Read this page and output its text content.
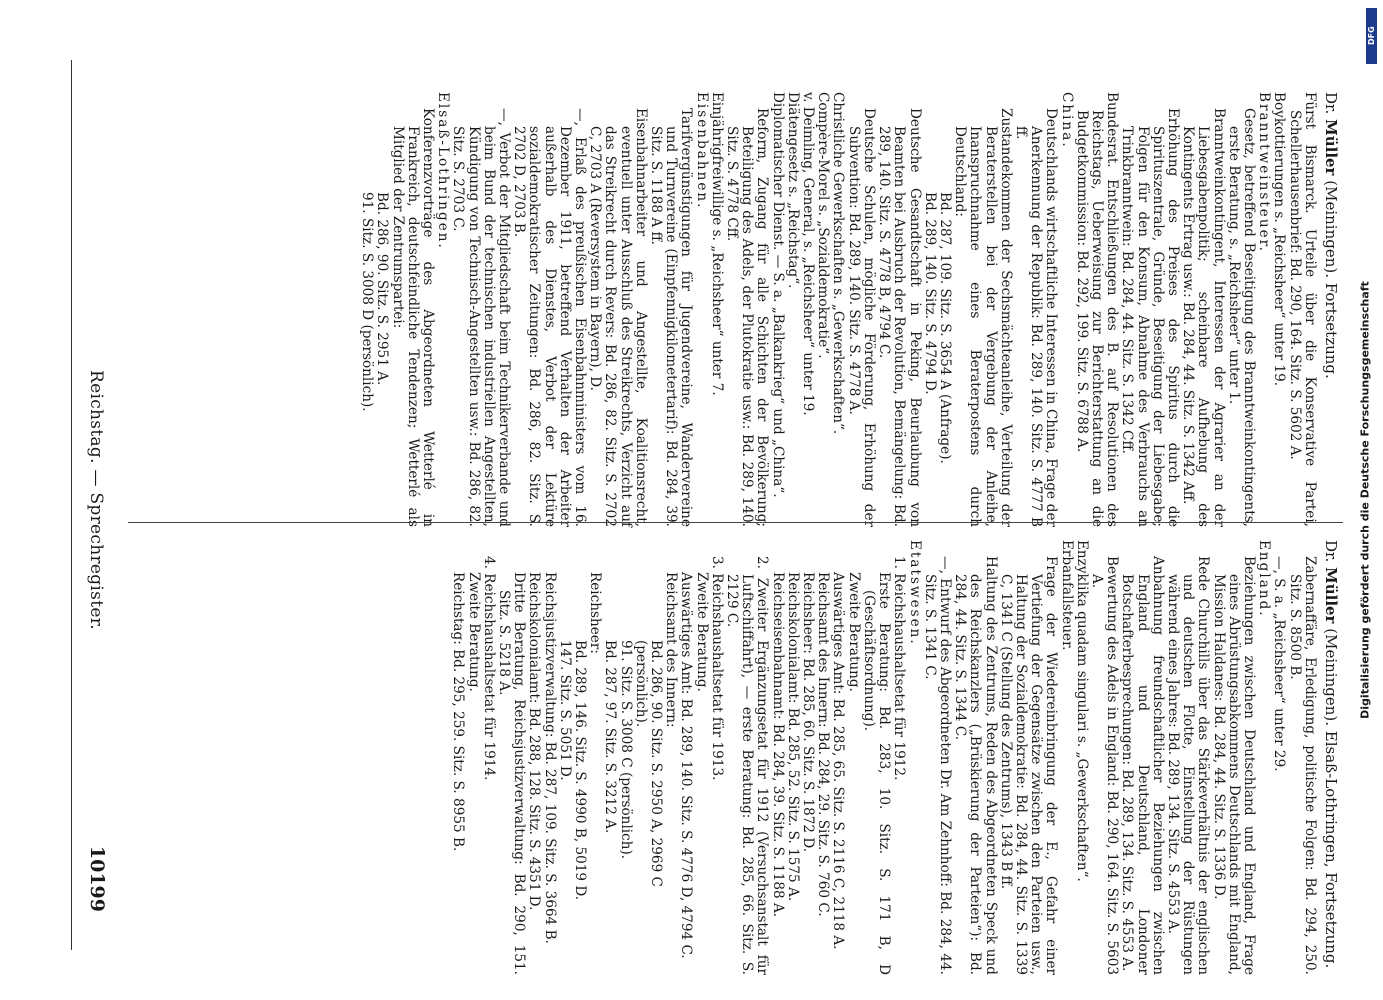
Reichstag. — Sprechregister.
10199
Dr. Müller (Meiningen). Fortsetzung.
Fürst Bismarck. Urteile über die Konservative Partei, Schellerhausenbrief: Bd. 290, 164. Sitz. S. 5602 A.
Boykottierungen s. „Reichsheer“ unter 19.
Branntweinsteuer.
Gesetz, betreffend Beseitigung des Branntweinkontingents, erste Beratung, s. „Reichsheer“ unter 1.
Branntweinkontingent, Interessen der Agrarier an der Liebesgabenpolitik; scheinbare Aufhebung des Kontingents Ertrag usw.: Bd. 284, 44. Sitz. S. 1342 Aff.
Erhöhung des Preises des Spiritus durch die Spirituszentrale, Gründe, Beseitigung der Liebesgabe; Folgen für den Konsum, Abnahme des Verbrauchs an Trinkbranntwein: Bd. 284, 44. Sitz. S. 1342 Cff.
Bundesrat. Entschließungen des B. auf Resolutionen des Reichstags, Ueberweisung zur Berichterstattung an die Budgetkommission: Bd. 292, 199. Sitz. S. 6788 A.
China.
Deutschlands wirtschaftliche Interessen in China, Frage der Anerkennung der Republik: Bd. 289, 140. Sitz. S. 4777 B ff.
Zustandekommen der Sechsmächteanleihe, Verteilung der Beraterstellen bei der Vergebung der Anleihe, Inanspruchnahme eines Beraterpostens durch Deutschland:
Bd. 287, 109. Sitz. S. 3654 A (Anfrage).
Bd. 289, 140. Sitz. S. 4794 D.
Deutsche Gesandtschaft in Peking, Beurlaubung von Beamten bei Ausbruch der Revolution, Bemängelung: Bd. 289, 140. Sitz. S. 4778 B, 4794 C.
Deutsche Schulen, mögliche Förderung, Erhöhung der Subvention: Bd. 289, 140. Sitz. S. 4778 A.
Christliche Gewerkschaften s. „Gewerkschaften“.
Compère-Morel s. „Sozialdemokratie“.
v. Deimling, General, s. „Reichsheer“ unter 19.
Diätengesetz s. „Reichstag“.
Diplomatischer Dienst. — S. a. „Balkankrieg“ und „China“.
Reform, Zugang für alle Schichten der Bevölkerung; Beteiligung des Adels, der Plutokratie usw.: Bd. 289, 140. Sitz. S. 4778 Cff.
Einjährigfreiwillige s. „Reichsheer“ unter 7.
Eisenbahnen.
Tarifvergünstigungen für Jugendvereine, Wandervereine und Turnvereine (Einpfennigkilometertarif): Bd. 284, 39. Sitz. S. 1188 A ff.
Eisenbahnarbeiter und Angestellte, Koalitionsrecht, eventuell unter Ausschluß des Streikrechts, Verzicht auf das Streikrecht durch Revers: Bd. 286, 82. Sitz. S. 2702 C, 2703 A (Reversystem in Bayern), D.
—, Erlaß des preußischen Eisenbahnministers vom 16. Dezember 1911, betreffend Verhalten der Arbeiter außerhalb des Dienstes, Verbot der Lektüre sozialdemokratischer Zeitungen: Bd. 286, 82. Sitz. S. 2702 D, 2703 B.
—, Verbot der Mitgliedschaft beim Technikerverbande und beim Bund der technischen industriellen Angestellten, Kündigung von Technisch-Angestellten usw.: Bd. 286, 82. Sitz. S. 2703 C.
Elsaß-Lothringen.
Konferenzvorträge des Abgeordneten Wetterlé in Frankreich, deutschfeindliche Tendenzen; Wetterlé als Mitglied der Zentrumspartei:
Bd. 286, 90. Sitz. S. 2951 A.
91. Sitz. S. 3008 D (persönlich).
Dr. Müller (Meiningen). Elsaß-Lothringen, Fortsetzung.
Zabernaffäre, Erledigung, politische Folgen: Bd. 294, 250. Sitz. S. 8500 B.
—, S. a. „Reichsheer“ unter 29.
England.
Beziehungen zwischen Deutschland und England, Frage eines Abrüstungsabkommens Deutschlands mit England, Mission Haldanes: Bd. 284, 44. Sitz. S. 1336 D.
Rede Churchills über das Stärkeverhältnis der englischen und deutschen Flotte, Einstellung der Rüstungen während eines Jahres: Bd. 289, 134. Sitz. S. 4553 A.
Anbahnung freundschaftlicher Beziehungen zwischen England und Deutschland, Londoner Botschafterbesprechungen: Bd. 289, 134. Sitz. S. 4553 A.
Bewertung des Adels in England: Bd. 290, 164. Sitz. S. 5603 A.
Enzyklika quadam singulari s. „Gewerkschaften“.
Erbanfallsteuer.
Frage der Wiedereinbringung der E., Gefahr einer Vertiefung der Gegensätze zwischen den Parteien usw., Haltung der Sozialdemokratie: Bd. 284, 44. Sitz. S. 1339 C, 1341 C (Stellung des Zentrums), 1343 B ff.
Haltung des Zentrums, Reden des Abgeordneten Speck und des Reichskanzlers („Brüskierung der Parteien“): Bd. 284, 44. Sitz. S. 1344 C.
—, Entwurf des Abgeordneten Dr. Am Zehnhoff: Bd. 284, 44. Sitz. S. 1341 C.
Etatswesen.
1. Reichshaushaltsetat für 1912.
Erste Beratung: Bd. 283, 10. Sitz. S. 171 B, D (Geschäftsordnung).
Zweite Beratung.
Auswärtiges Amt: Bd. 285, 65. Sitz. S. 2116 C, 2118 A.
Reichsamt des Innern: Bd. 284, 29. Sitz. S. 760 C.
Reichsheer: Bd. 285, 60. Sitz. S. 1872 D.
Reichskolonialamt: Bd. 285, 52. Sitz. S. 1575 A.
Reichseisenbahnamt: Bd. 284, 39. Sitz. S. 1188 A.
2. Zweiter Ergänzungsetat für 1912 (Versuchsanstalt für Luftschiffahrt), — erste Beratung: Bd. 285, 66. Sitz. S. 2129 C.
3. Reichshaushaltsetat für 1913.
Zweite Beratung.
Auswärtiges Amt: Bd. 289, 140. Sitz. S. 4776 D, 4794 C.
Reichsamt des Innern:
Bd. 286, 90. Sitz. S. 2950 A, 2969 C (persönlich).
91. Sitz. S. 3008 C (persönlich).
Bd. 287, 97. Sitz. S. 3212 A.
Reichsheer:
Bd. 289, 146. Sitz. S. 4990 B, 5019 D.
147. Sitz. S. 5051 D.
Reichsjustizverwaltung: Bd. 287, 109. Sitz. S. 3664 B.
Reichskolonialamt: Bd. 288, 128. Sitz. S. 4351 D.
Dritte Beratung, Reichsjustizverwaltung: Bd. 290, 151. Sitz. S. 5218 A.
4. Reichshaushaltsetat für 1914.
Zweite Beratung.
Reichstag: Bd. 295, 259. Sitz. S. 8955 B.	Digitalisierung gefördert durch die Deutsche Forschungsgemeinschaft
DFG
